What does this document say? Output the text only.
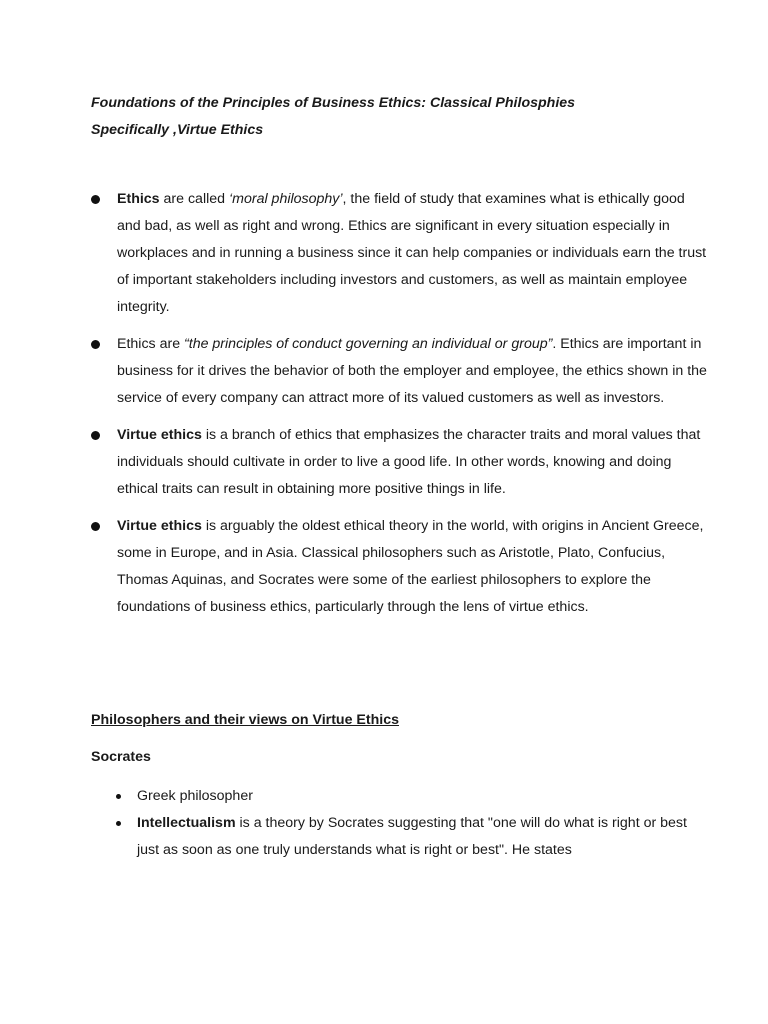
Foundations of the Principles of Business Ethics: Classical Philosphies
Specifically ,Virtue Ethics

Ethics are called ‘moral philosophy’, the field of study that examines what is ethically good and bad, as well as right and wrong. Ethics are significant in every situation especially in workplaces and in running a business since it can help companies or individuals earn the trust of important stakeholders including investors and customers, as well as maintain employee integrity.
Ethics are “the principles of conduct governing an individual or group”. Ethics are important in business for it drives the behavior of both the employer and employee, the ethics shown in the service of every company can attract more of its valued customers as well as investors.
Virtue ethics is a branch of ethics that emphasizes the character traits and moral values that individuals should cultivate in order to live a good life. In other words, knowing and doing ethical traits can result in obtaining more positive things in life.
Virtue ethics is arguably the oldest ethical theory in the world, with origins in Ancient Greece, some in Europe, and in Asia. Classical philosophers such as Aristotle, Plato, Confucius, Thomas Aquinas, and Socrates were some of the earliest philosophers to explore the foundations of business ethics, particularly through the lens of virtue ethics.

Philosophers and their views on Virtue Ethics

Socrates

Greek philosopher
Intellectualism is a theory by Socrates suggesting that "one will do what is right or best just as soon as one truly understands what is right or best". He states
